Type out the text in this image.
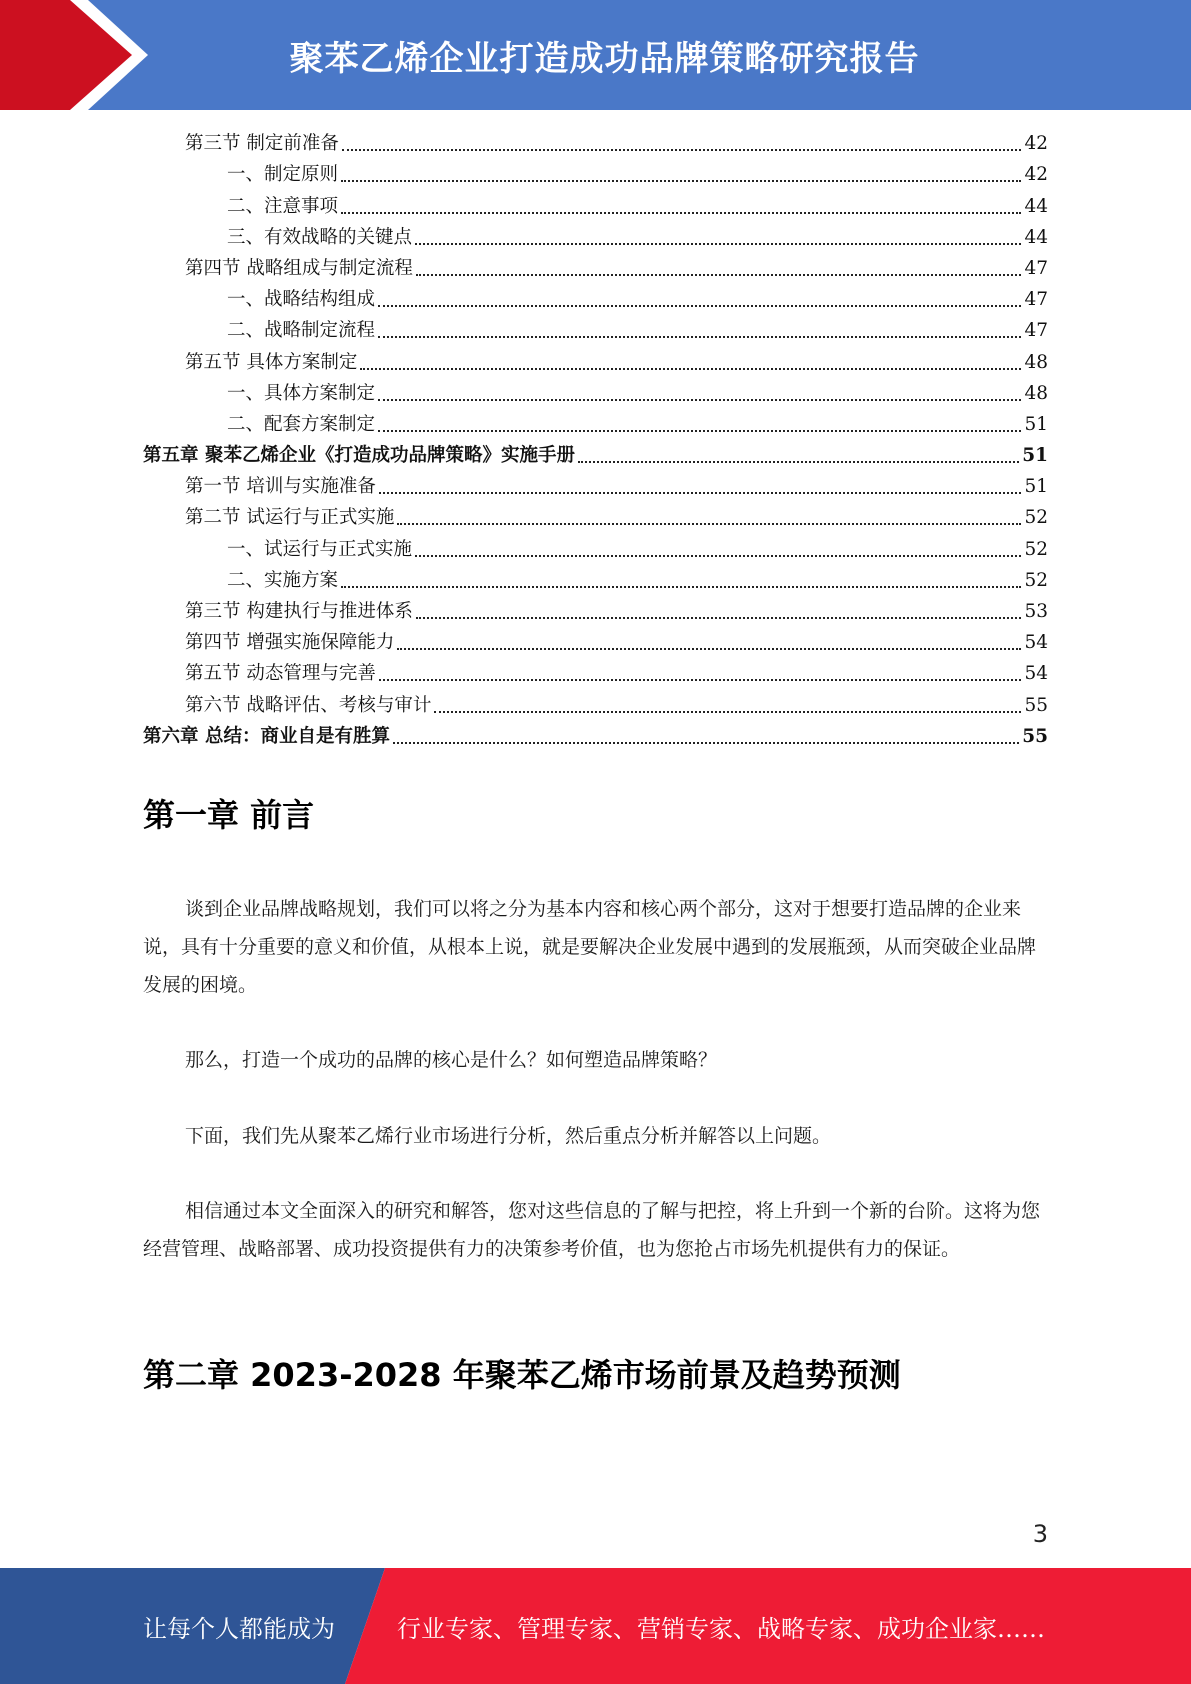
聚苯乙烯企业打造成功品牌策略研究报告
第三节 制定前准备	42
一、制定原则	42
二、注意事项	44
三、有效战略的关键点	44
第四节 战略组成与制定流程	47
一、战略结构组成	47
二、战略制定流程	47
第五节 具体方案制定	48
一、具体方案制定	48
二、配套方案制定	51
第五章 聚苯乙烯企业《打造成功品牌策略》实施手册	51
第一节 培训与实施准备	51
第二节 试运行与正式实施	52
一、试运行与正式实施	52
二、实施方案	52
第三节 构建执行与推进体系	53
第四节 增强实施保障能力	54
第五节 动态管理与完善	54
第六节 战略评估、考核与审计	55
第六章 总结：商业自是有胜算	55
第一章 前言

谈到企业品牌战略规划，我们可以将之分为基本内容和核心两个部分，这对于想要打造品牌的企业来说，具有十分重要的意义和价值，从根本上说，就是要解决企业发展中遇到的发展瓶颈，从而突破企业品牌发展的困境。

那么，打造一个成功的品牌的核心是什么？如何塑造品牌策略？

下面，我们先从聚苯乙烯行业市场进行分析，然后重点分析并解答以上问题。

相信通过本文全面深入的研究和解答，您对这些信息的了解与把控，将上升到一个新的台阶。这将为您经营管理、战略部署、成功投资提供有力的决策参考价值，也为您抢占市场先机提供有力的保证。

第二章 2023-2028 年聚苯乙烯市场前景及趋势预测
3
让每个人都能成为	行业专家、管理专家、营销专家、战略专家、成功企业家……
